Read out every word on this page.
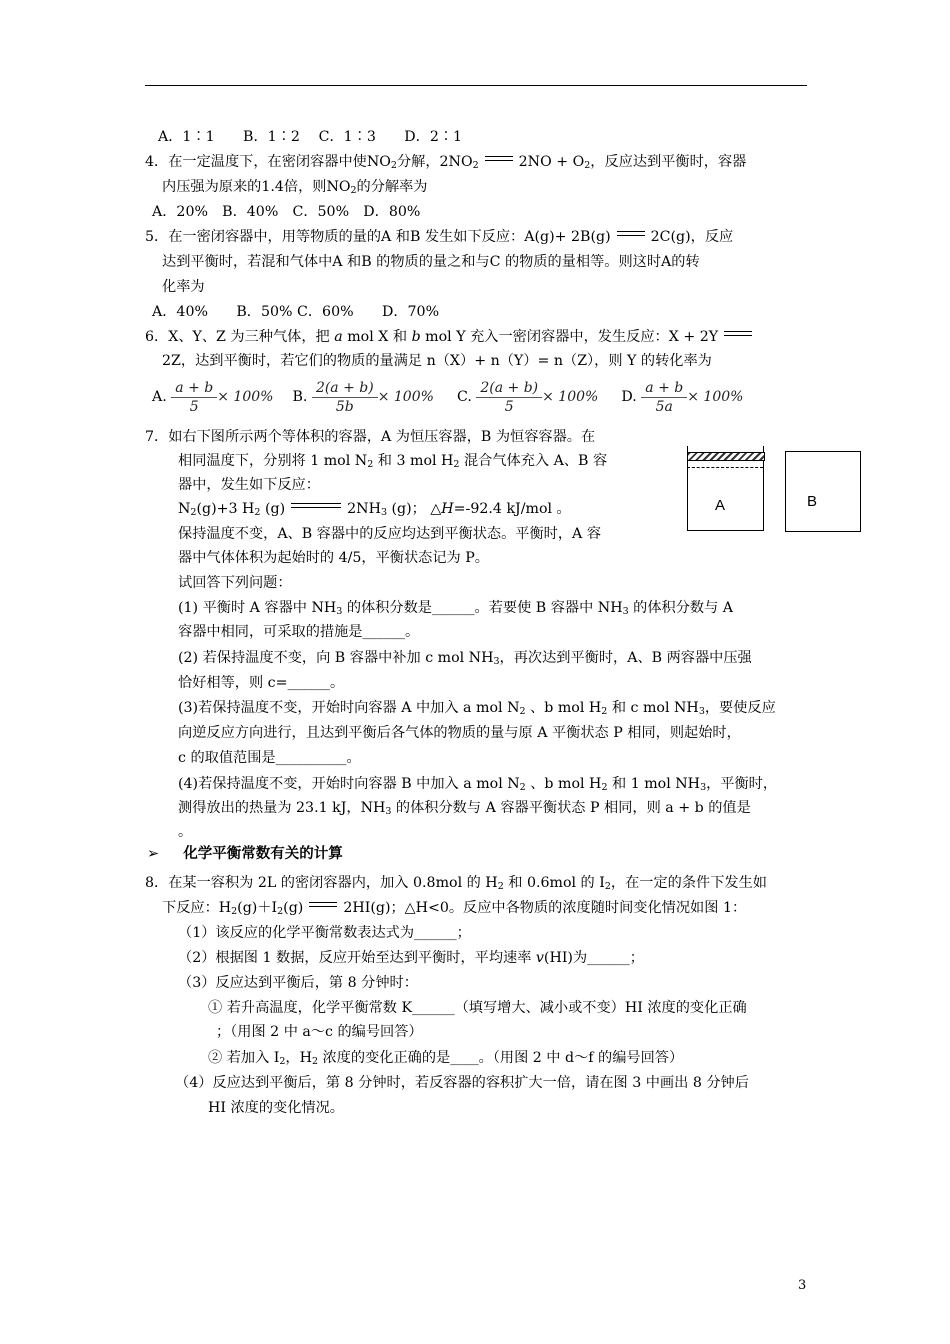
A．1∶1　　B．1∶2　 C．1∶3　　D．2∶1
4．在一定温度下，在密闭容器中使$NO_2$分解，$2NO_2$	$2NO + O_2$，反应达到平衡时，容器
内压强为原来的1.4倍，则$NO_2$的分解率为
A．20%　B．40%　C．50%　D．80%
5．在一密闭容器中，用等物质的量的A 和B 发生如下反应：A(g)+ 2B(g)	2C(g)，反应
达到平衡时，若混和气体中A 和B 的物质的量之和与C 的物质的量相等。则这时A的转
化率为
A．40%　　B．50% C．60%　　D．70%
6．X、Y、Z 为三种气体，把 a mol X 和 b mol Y 充入一密闭容器中，发生反应：X + 2Y
2Z，达到平衡时，若它们的物质的量满足 n（X）+ n（Y）= n（Z），则 Y 的转化率为
A. $\frac{a + b}{5} \times 100\%$ B. $\frac{2(a + b)}{5b} \times 100\%$ C. $\frac{2(a + b)}{5} \times 100\%$ D. $\frac{a + b}{5a} \times 100\%$
7．如右下图所示两个等体积的容器，A 为恒压容器，B 为恒容容器。在
相同温度下，分别将 1 mol $N_2$ 和 3 mol $H_2$ 混合气体充入 A、B 容
器中，发生如下反应：
$N_2(g)+3$ $H_2$ (g)	$2NH_3$ (g)； △H=-92.4 kJ/mol 。
保持温度不变，A、B 容器中的反应均达到平衡状态。平衡时，A 容
器中气体体积为起始时的 4/5，平衡状态记为 P。
试回答下列问题：
(1) 平衡时 A 容器中 $NH_3$ 的体积分数是______。若要使 B 容器中 $NH_3$ 的体积分数与 A
容器中相同，可采取的措施是______。
(2) 若保持温度不变，向 B 容器中补加 c mol $NH_3$，再次达到平衡时，A、B 两容器中压强
恰好相等，则 c=______。
(3)若保持温度不变，开始时向容器 A 中加入 a mol $N_2$ 、b mol $H_2$ 和 c mol $NH_3$，要使反应
向逆反应方向进行，且达到平衡后各气体的物质的量与原 A 平衡状态 P 相同，则起始时，
c 的取值范围是__________。
(4)若保持温度不变，开始时向容器 B 中加入 a mol $N_2$ 、b mol $H_2$ 和 1 mol $NH_3$，平衡时，
测得放出的热量为 23.1 kJ，$NH_3$ 的体积分数与 A 容器平衡状态 P 相同，则 a + b 的值是
。
A	B
➢ 化学平衡常数有关的计算
8．在某一容积为 2L 的密闭容器内，加入 0.8mol 的 $H_2$ 和 0.6mol 的 $I_2$，在一定的条件下发生如
下反应：$H_2(g)+I_2(g)$	2HI(g)；△H<0。反应中各物质的浓度随时间变化情况如图 1：
（1）该反应的化学平衡常数表达式为______；
（2）根据图 1 数据，反应开始至达到平衡时，平均速率 v(HI)为______；
（3）反应达到平衡后，第 8 分钟时：
① 若升高温度，化学平衡常数 K______（填写增大、减小或不变）HI 浓度的变化正确
；（用图 2 中 a～c 的编号回答）
② 若加入 $I_2$，$H_2$ 浓度的变化正确的是____。（用图 2 中 d～f 的编号回答）
（4）反应达到平衡后，第 8 分钟时，若反容器的容积扩大一倍，请在图 3 中画出 8 分钟后
HI 浓度的变化情况。
3
